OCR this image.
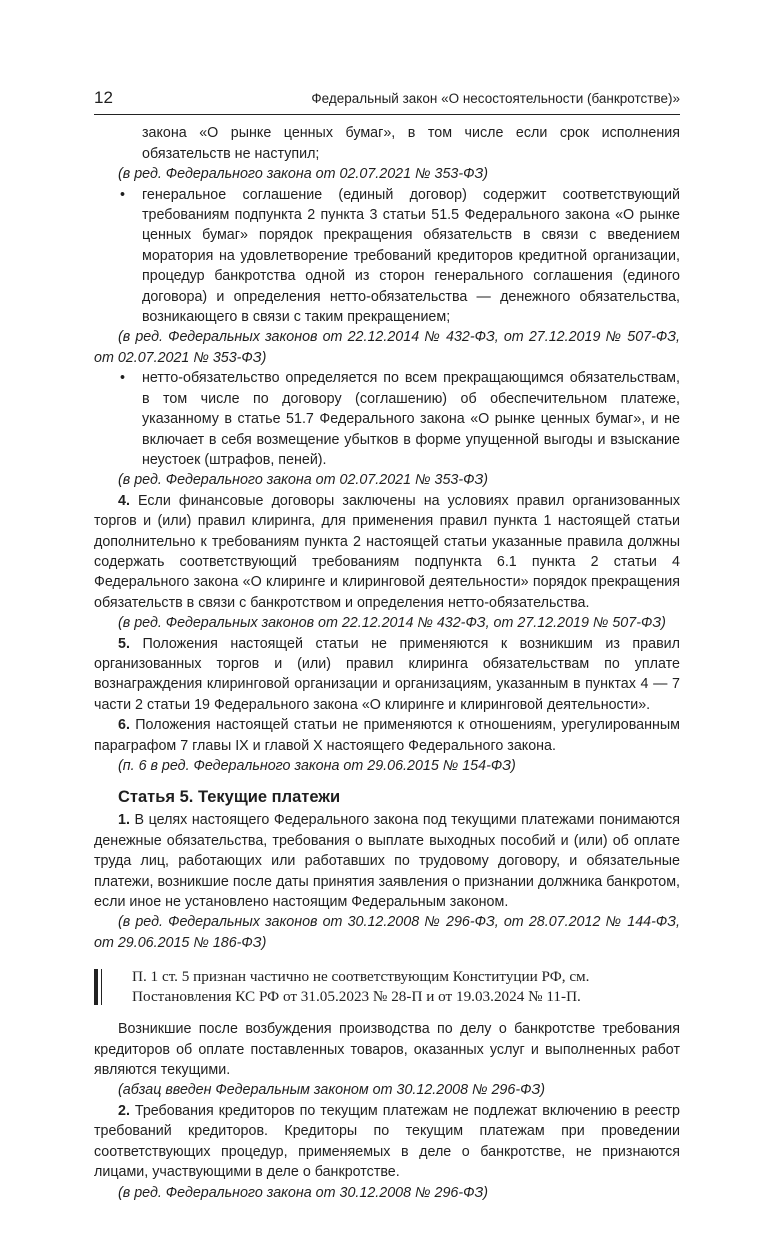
12	Федеральный закон «О несостоятельности (банкротстве)»

закона «О рынке ценных бумаг», в том числе если срок исполнения обязательств не наступил;

(в ред. Федерального закона от 02.07.2021 № 353-ФЗ)

• генеральное соглашение (единый договор) содержит соответствующий требованиям подпункта 2 пункта 3 статьи 51.5 Федерального закона «О рынке ценных бумаг» порядок прекращения обязательств в связи с введением моратория на удовлетворение требований кредиторов кредитной организации, процедур банкротства одной из сторон генерального соглашения (единого договора) и определения нетто-обязательства — денежного обязательства, возникающего в связи с таким прекращением;

(в ред. Федеральных законов от 22.12.2014 № 432-ФЗ, от 27.12.2019 № 507-ФЗ, от 02.07.2021 № 353-ФЗ)

• нетто-обязательство определяется по всем прекращающимся обязательствам, в том числе по договору (соглашению) об обеспечительном платеже, указанному в статье 51.7 Федерального закона «О рынке ценных бумаг», и не включает в себя возмещение убытков в форме упущенной выгоды и взыскание неустоек (штрафов, пеней).

(в ред. Федерального закона от 02.07.2021 № 353-ФЗ)

4. Если финансовые договоры заключены на условиях правил организованных торгов и (или) правил клиринга, для применения правил пункта 1 настоящей статьи дополнительно к требованиям пункта 2 настоящей статьи указанные правила должны содержать соответствующий требованиям подпункта 6.1 пункта 2 статьи 4 Федерального закона «О клиринге и клиринговой деятельности» порядок прекращения обязательств в связи с банкротством и определения нетто-обязательства.

(в ред. Федеральных законов от 22.12.2014 № 432-ФЗ, от 27.12.2019 № 507-ФЗ)

5. Положения настоящей статьи не применяются к возникшим из правил организованных торгов и (или) правил клиринга обязательствам по уплате вознаграждения клиринговой организации и организациям, указанным в пунктах 4 — 7 части 2 статьи 19 Федерального закона «О клиринге и клиринговой деятельности».

6. Положения настоящей статьи не применяются к отношениям, урегулированным параграфом 7 главы IX и главой X настоящего Федерального закона.

(п. 6 в ред. Федерального закона от 29.06.2015 № 154-ФЗ)

Статья 5. Текущие платежи

1. В целях настоящего Федерального закона под текущими платежами понимаются денежные обязательства, требования о выплате выходных пособий и (или) об оплате труда лиц, работающих или работавших по трудовому договору, и обязательные платежи, возникшие после даты принятия заявления о признании должника банкротом, если иное не установлено настоящим Федеральным законом.

(в ред. Федеральных законов от 30.12.2008 № 296-ФЗ, от 28.07.2012 № 144-ФЗ, от 29.06.2015 № 186-ФЗ)

П. 1 ст. 5 признан частично не соответствующим Конституции РФ, см. Постановления КС РФ от 31.05.2023 № 28-П и от 19.03.2024 № 11-П.

Возникшие после возбуждения производства по делу о банкротстве требования кредиторов об оплате поставленных товаров, оказанных услуг и выполненных работ являются текущими.

(абзац введен Федеральным законом от 30.12.2008 № 296-ФЗ)

2. Требования кредиторов по текущим платежам не подлежат включению в реестр требований кредиторов. Кредиторы по текущим платежам при проведении соответствующих процедур, применяемых в деле о банкротстве, не признаются лицами, участвующими в деле о банкротстве.

(в ред. Федерального закона от 30.12.2008 № 296-ФЗ)
